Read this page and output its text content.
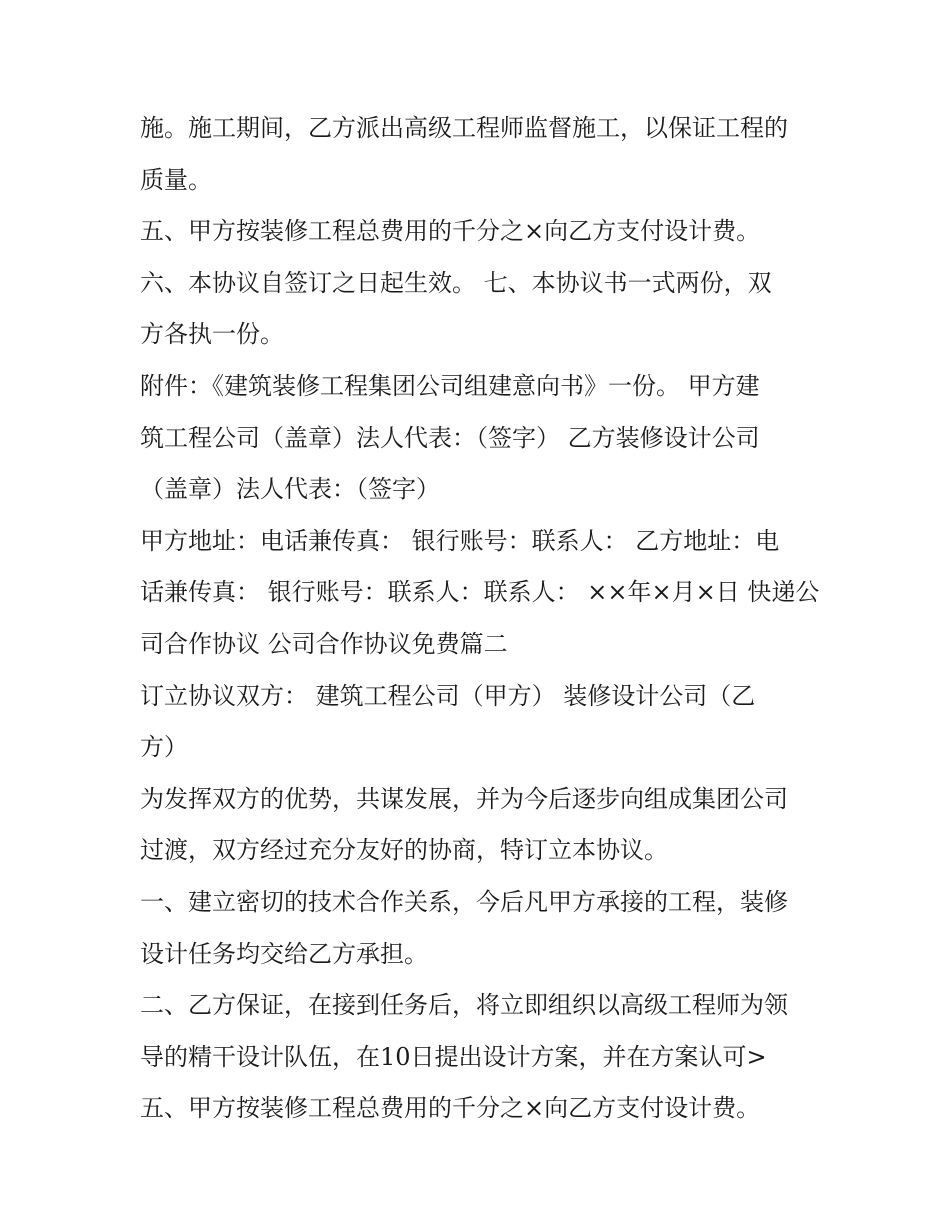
施。施工期间，乙方派出高级工程师监督施工，以保证工程的
质量。
五、甲方按装修工程总费用的千分之×向乙方支付设计费。
六、本协议自签订之日起生效。 七、本协议书一式两份，双
方各执一份。
附件：《建筑装修工程集团公司组建意向书》一份。 甲方建
筑工程公司（盖章）法人代表：（签字） 乙方装修设计公司
（盖章）法人代表：（签字）
甲方地址：电话兼传真： 银行账号：联系人： 乙方地址：电
话兼传真： 银行账号：联系人：联系人： ××年×月×日 快递公
司合作协议 公司合作协议免费篇二
订立协议双方： 建筑工程公司（甲方） 装修设计公司（乙
方）
为发挥双方的优势，共谋发展，并为今后逐步向组成集团公司
过渡，双方经过充分友好的协商，特订立本协议。
一、建立密切的技术合作关系，今后凡甲方承接的工程，装修
设计任务均交给乙方承担。
二、乙方保证，在接到任务后，将立即组织以高级工程师为领
导的精干设计队伍，在10日提出设计方案，并在方案认可>
五、甲方按装修工程总费用的千分之×向乙方支付设计费。
